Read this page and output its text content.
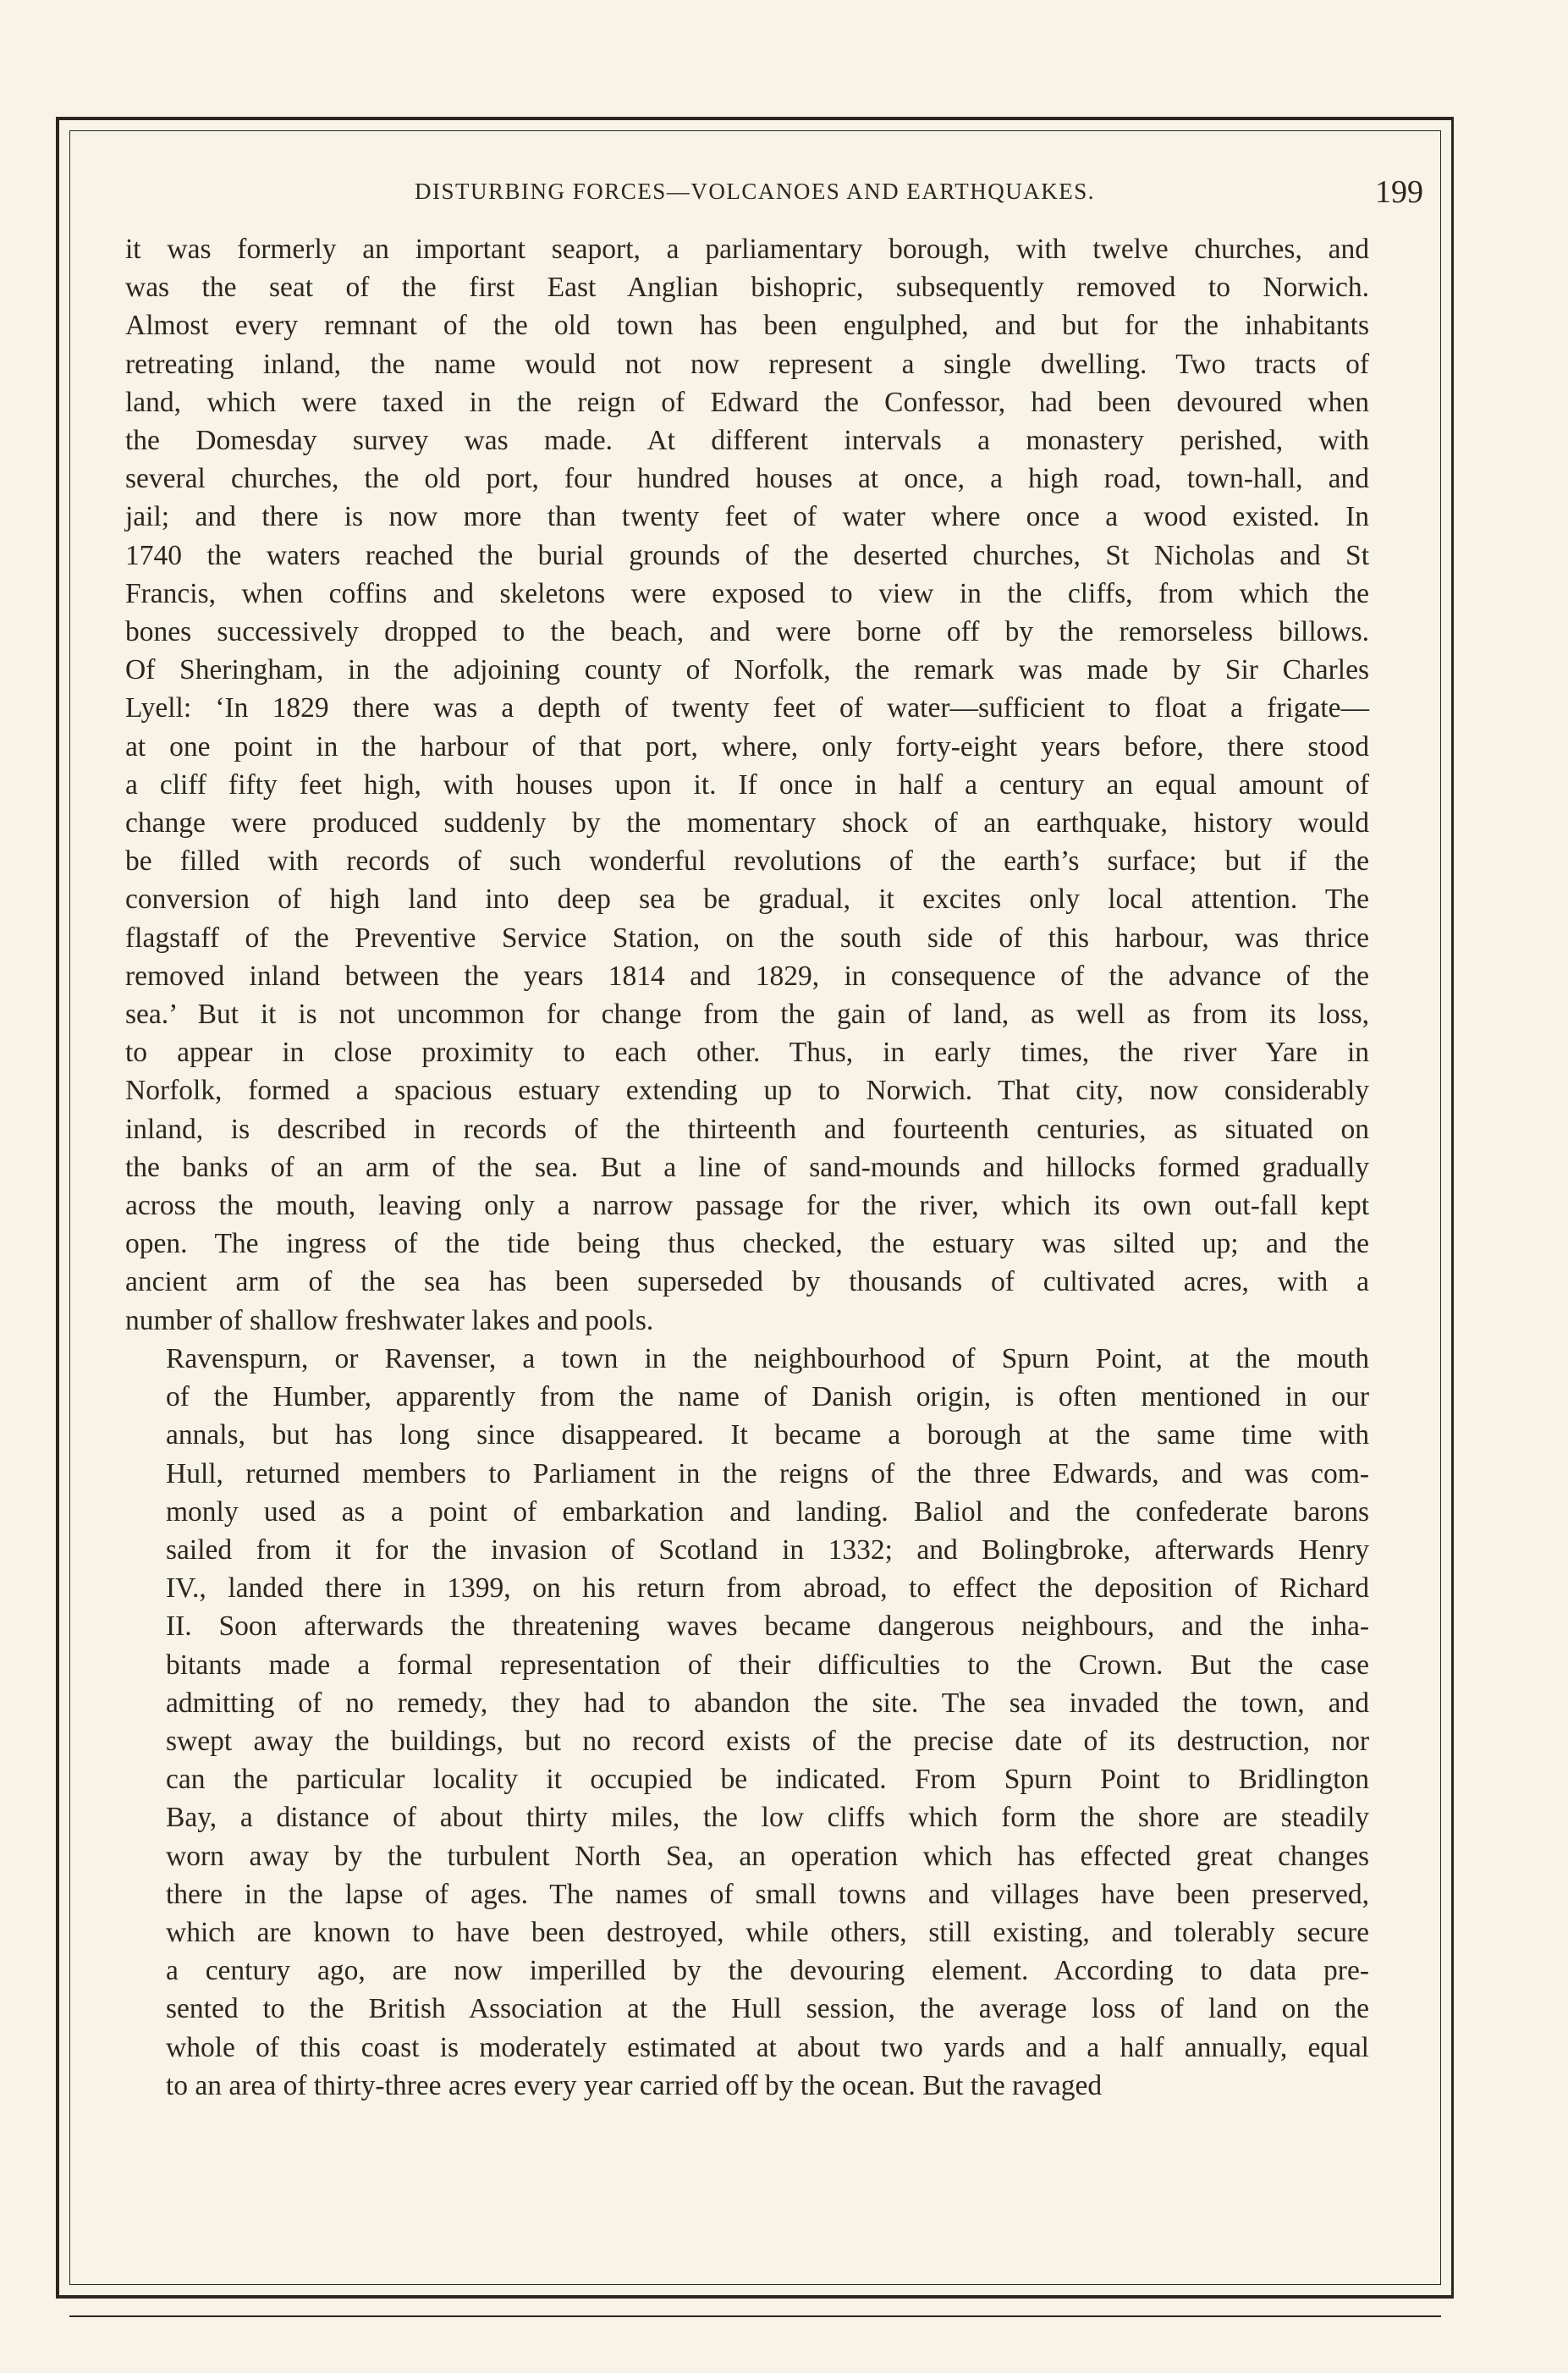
DISTURBING FORCES—VOLCANOES AND EARTHQUAKES.	199

it was formerly an important seaport, a parliamentary borough, with twelve churches, and
was the seat of the first East Anglian bishopric, subsequently removed to Norwich.
Almost every remnant of the old town has been engulphed, and but for the inhabitants
retreating inland, the name would not now represent a single dwelling. Two tracts of
land, which were taxed in the reign of Edward the Confessor, had been devoured when
the Domesday survey was made. At different intervals a monastery perished, with
several churches, the old port, four hundred houses at once, a high road, town-hall, and
jail; and there is now more than twenty feet of water where once a wood existed. In
1740 the waters reached the burial grounds of the deserted churches, St Nicholas and St
Francis, when coffins and skeletons were exposed to view in the cliffs, from which the
bones successively dropped to the beach, and were borne off by the remorseless billows.
Of Sheringham, in the adjoining county of Norfolk, the remark was made by Sir Charles
Lyell: ‘In 1829 there was a depth of twenty feet of water—sufficient to float a frigate—
at one point in the harbour of that port, where, only forty-eight years before, there stood
a cliff fifty feet high, with houses upon it. If once in half a century an equal amount of
change were produced suddenly by the momentary shock of an earthquake, history would
be filled with records of such wonderful revolutions of the earth’s surface; but if the
conversion of high land into deep sea be gradual, it excites only local attention. The
flagstaff of the Preventive Service Station, on the south side of this harbour, was thrice
removed inland between the years 1814 and 1829, in consequence of the advance of the
sea.’ But it is not uncommon for change from the gain of land, as well as from its loss,
to appear in close proximity to each other. Thus, in early times, the river Yare in
Norfolk, formed a spacious estuary extending up to Norwich. That city, now considerably
inland, is described in records of the thirteenth and fourteenth centuries, as situated on
the banks of an arm of the sea. But a line of sand-mounds and hillocks formed gradually
across the mouth, leaving only a narrow passage for the river, which its own out-fall kept
open. The ingress of the tide being thus checked, the estuary was silted up; and the
ancient arm of the sea has been superseded by thousands of cultivated acres, with a
number of shallow freshwater lakes and pools.

Ravenspurn, or Ravenser, a town in the neighbourhood of Spurn Point, at the mouth
of the Humber, apparently from the name of Danish origin, is often mentioned in our
annals, but has long since disappeared. It became a borough at the same time with
Hull, returned members to Parliament in the reigns of the three Edwards, and was com-
monly used as a point of embarkation and landing. Baliol and the confederate barons
sailed from it for the invasion of Scotland in 1332; and Bolingbroke, afterwards Henry
IV., landed there in 1399, on his return from abroad, to effect the deposition of Richard
II. Soon afterwards the threatening waves became dangerous neighbours, and the inha-
bitants made a formal representation of their difficulties to the Crown. But the case
admitting of no remedy, they had to abandon the site. The sea invaded the town, and
swept away the buildings, but no record exists of the precise date of its destruction, nor
can the particular locality it occupied be indicated. From Spurn Point to Bridlington
Bay, a distance of about thirty miles, the low cliffs which form the shore are steadily
worn away by the turbulent North Sea, an operation which has effected great changes
there in the lapse of ages. The names of small towns and villages have been preserved,
which are known to have been destroyed, while others, still existing, and tolerably secure
a century ago, are now imperilled by the devouring element. According to data pre-
sented to the British Association at the Hull session, the average loss of land on the
whole of this coast is moderately estimated at about two yards and a half annually, equal
to an area of thirty-three acres every year carried off by the ocean. But the ravaged
